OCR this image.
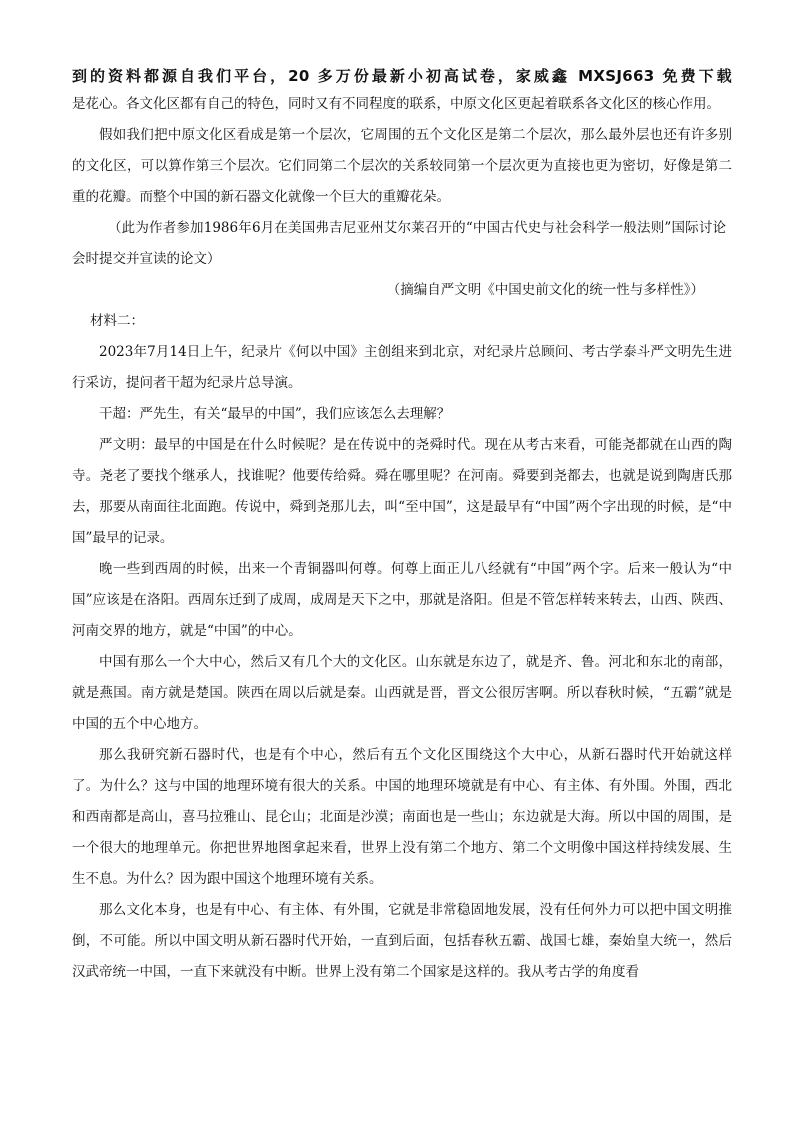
到的资料都源自我们平台，20 多万份最新小初高试卷，家威鑫 MXSJ663 免费下载

是花心。各文化区都有自己的特色，同时又有不同程度的联系，中原文化区更起着联系各文化区的核心作用。

假如我们把中原文化区看成是第一个层次，它周围的五个文化区是第二个层次，那么最外层也还有许多别的文化区，可以算作第三个层次。它们同第二个层次的关系较同第一个层次更为直接也更为密切，好像是第二重的花瓣。而整个中国的新石器文化就像一个巨大的重瓣花朵。

（此为作者参加1986年6月在美国弗吉尼亚州艾尔莱召开的“中国古代史与社会科学一般法则”国际讨论会时提交并宣读的论文）

（摘编自严文明《中国史前文化的统一性与多样性》）

材料二：

2023年7月14日上午，纪录片《何以中国》主创组来到北京，对纪录片总顾问、考古学泰斗严文明先生进行采访，提问者干超为纪录片总导演。

干超：严先生，有关“最早的中国”，我们应该怎么去理解？

严文明：最早的中国是在什么时候呢？是在传说中的尧舜时代。现在从考古来看，可能尧都就在山西的陶寺。尧老了要找个继承人，找谁呢？他要传给舜。舜在哪里呢？在河南。舜要到尧都去，也就是说到陶唐氏那去，那要从南面往北面跑。传说中，舜到尧那儿去，叫“至中国”，这是最早有“中国”两个字出现的时候，是“中国”最早的记录。

晚一些到西周的时候，出来一个青铜器叫何尊。何尊上面正儿八经就有“中国”两个字。后来一般认为“中国”应该是在洛阳。西周东迁到了成周，成周是天下之中，那就是洛阳。但是不管怎样转来转去，山西、陕西、河南交界的地方，就是“中国”的中心。

中国有那么一个大中心，然后又有几个大的文化区。山东就是东边了，就是齐、鲁。河北和东北的南部，就是燕国。南方就是楚国。陕西在周以后就是秦。山西就是晋，晋文公很厉害啊。所以春秋时候，“五霸”就是中国的五个中心地方。

那么我研究新石器时代，也是有个中心，然后有五个文化区围绕这个大中心，从新石器时代开始就这样了。为什么？这与中国的地理环境有很大的关系。中国的地理环境就是有中心、有主体、有外围。外围，西北和西南都是高山，喜马拉雅山、昆仑山；北面是沙漠；南面也是一些山；东边就是大海。所以中国的周围，是一个很大的地理单元。你把世界地图拿起来看，世界上没有第二个地方、第二个文明像中国这样持续发展、生生不息。为什么？因为跟中国这个地理环境有关系。

那么文化本身，也是有中心、有主体、有外围，它就是非常稳固地发展，没有任何外力可以把中国文明推倒，不可能。所以中国文明从新石器时代开始，一直到后面，包括春秋五霸、战国七雄，秦始皇大统一，然后汉武帝统一中国，一直下来就没有中断。世界上没有第二个国家是这样的。我从考古学的角度看
